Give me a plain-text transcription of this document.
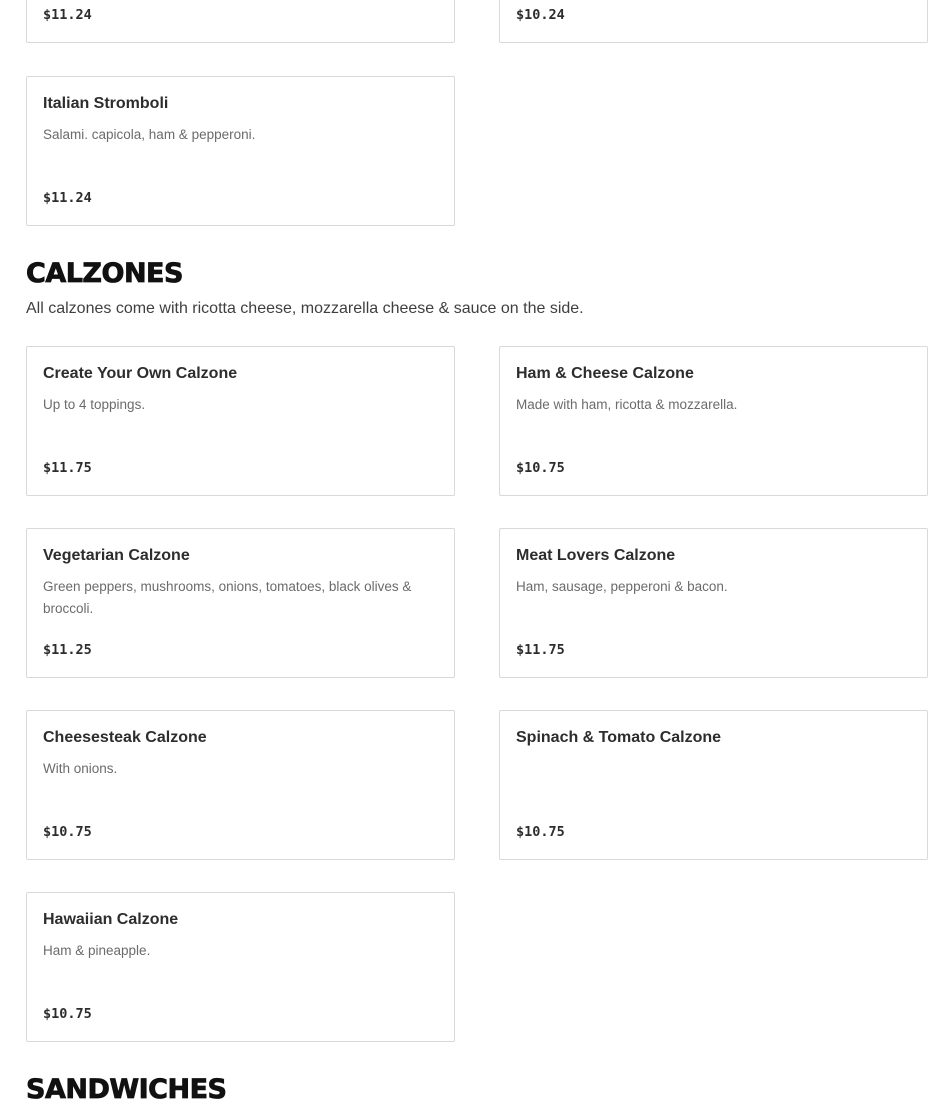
$11.24	$10.24
Italian Stromboli
Salami. capicola, ham & pepperoni.
$11.24
CALZONES
All calzones come with ricotta cheese, mozzarella cheese & sauce on the side.
Create Your Own Calzone
Up to 4 toppings.
$11.75
Ham & Cheese Calzone
Made with ham, ricotta & mozzarella.
$10.75
Vegetarian Calzone
Green peppers, mushrooms, onions, tomatoes, black olives & broccoli.
$11.25
Meat Lovers Calzone
Ham, sausage, pepperoni & bacon.
$11.75
Cheesesteak Calzone
With onions.
$10.75
Spinach & Tomato Calzone
$10.75
Hawaiian Calzone
Ham & pineapple.
$10.75
SANDWICHES
